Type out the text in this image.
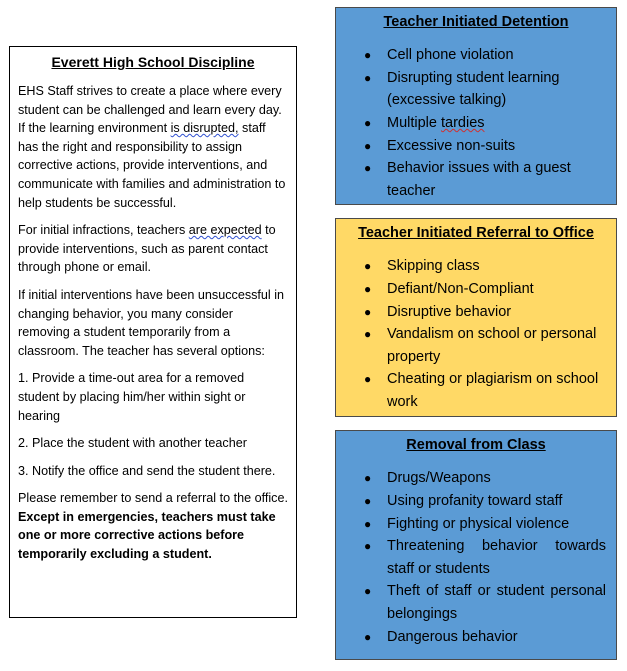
Everett High School Discipline

EHS Staff strives to create a place where every student can be challenged and learn every day. If the learning environment is disrupted, staff has the right and responsibility to assign corrective actions, provide interventions, and communicate with families and administration to help students be successful.

For initial infractions, teachers are expected to provide interventions, such as parent contact through phone or email.

If initial interventions have been unsuccessful in changing behavior, you many consider removing a student temporarily from a classroom. The teacher has several options:

1. Provide a time-out area for a removed student by placing him/her within sight or hearing

2. Place the student with another teacher

3. Notify the office and send the student there.

Please remember to send a referral to the office. Except in emergencies, teachers must take one or more corrective actions before temporarily excluding a student.

Teacher Initiated Detention
● Cell phone violation
● Disrupting student learning (excessive talking)
● Multiple tardies
● Excessive non-suits
● Behavior issues with a guest teacher
Teacher Initiated Referral to Office
● Skipping class
● Defiant/Non-Compliant
● Disruptive behavior
● Vandalism on school or personal property
● Cheating or plagiarism on school work
Removal from Class
● Drugs/Weapons
● Using profanity toward staff
● Fighting or physical violence
● Threatening behavior towards staff or students
● Theft of staff or student personal belongings
● Dangerous behavior
